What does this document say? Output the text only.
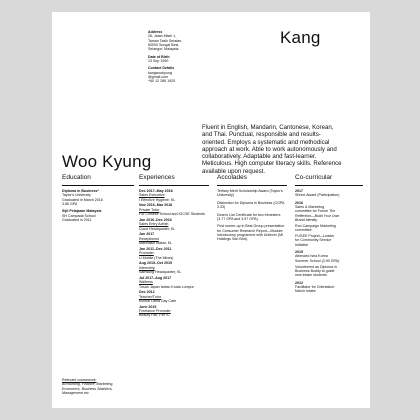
Address
26, Jalan Mistri 1,
Taman Tasik Selatan,
60000 Sungai Besi,
Selangor, Malaysia.
Date of Birth
13 Sep 1990
Contact Details
kangwookyung
@gmail.com
+60 12 286 1920
Kang
Fluent in English, Mandarin, Cantonese, Korean, and Thai. Punctual, responsible and results-oriented. Employs a systematic and methodical approach at work. Able to work autonomously and collaboratively. Adaptable and fast-learner. Meticulous. High computer literacy skills. Reference available upon request.
Woo Kyung
Education
Diploma in Business*
Taylor's University
Graduated in March 2016
3.86 GPA
Sijil Pelajaran Malaysia
SH Campada School
Graduated in 2011
Relevant coursework:
Accounting, Finance, Marketing, Economics, Business Statistics, Management etc.
Experiences
Dec 2017–May 2018
Sales Executive
I Effective Hygiene, KL
Nov 2016–Mar 2018
Private Tutor
For Chinese School and IGCSE Students
Jan 2016–Dec 2016
Sales Entry Admin
Gucci Headquarter, KL
Jan 2017
Receptionist
Makolaikit Makar, KL
Jan 2011–Dec 2011
Promoter
U Mobile (The Mines)
Aug 2015–Oct 2015
Internship
Samsung Headquarter, KL
Jul 2017–Aug 2017
Waitress
Tusan Japan Isetan Kuala Lumpur
Dec 2012
Teacher/Tutor
Kuchai Lama Day Care
June 2015
Freelance Promoter
Beauty Fair, PWTC
Accolades
Tertiary Merit Scholarship Award (Taylor's University)
Distinction for Diploma in Business (CGPA 3.33)
Dean's List Certificate for two trimesters (3.77 GPA and 3.97 GPA)
First runner-up in Best Group presentation for Consumer Research Report—Module: Introductory programme with Unilever (MI Holdings Sdn Bhd).
Co-curricular
2017
Shrine Award (Participation)
2016
Sales & Marketing
committee for Forum The
Reflection—Build Your Own
Brand Identity
Ron Campaign Marketing
committee
FUGEE Project—Leader
for Community Service
Initiative
2015
Attended Isha Korea
Summer School (3.90 GPA)
Volunteered as Diploma in
Business Buddy to guide
new intake students
2012
Facilitator for Orientation
March Intake
